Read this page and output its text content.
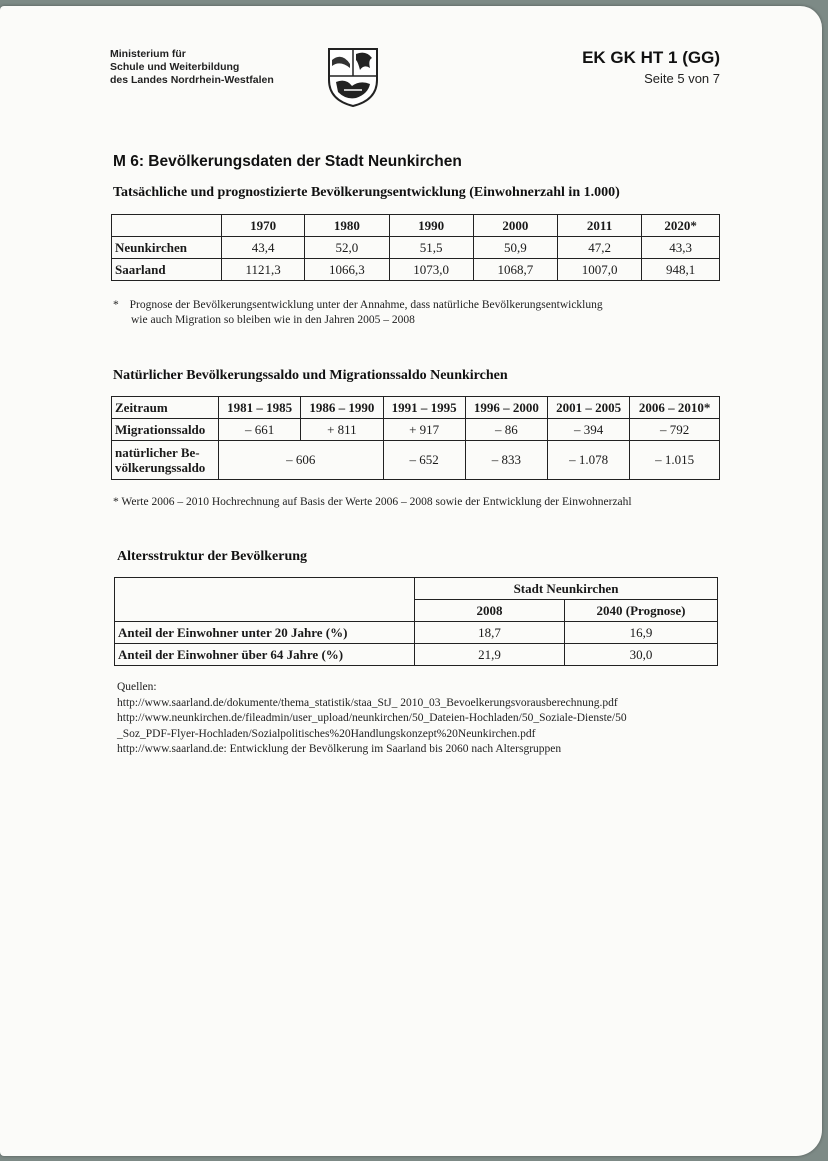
Ministerium für
Schule und Weiterbildung
des Landes Nordrhein-Westfalen
EK GK HT 1 (GG)
Seite 5 von 7
M 6: Bevölkerungsdaten der Stadt Neunkirchen
Tatsächliche und prognostizierte Bevölkerungsentwicklung (Einwohnerzahl in 1.000)
	1970	1980	1990	2000	2011	2020*
Neunkirchen	43,4	52,0	51,5	50,9	47,2	43,3
Saarland	1121,3	1066,3	1073,0	1068,7	1007,0	948,1
* Prognose der Bevölkerungsentwicklung unter der Annahme, dass natürliche Bevölkerungsentwicklung
wie auch Migration so bleiben wie in den Jahren 2005 – 2008
Natürlicher Bevölkerungssaldo und Migrationssaldo Neunkirchen
Zeitraum	1981 – 1985	1986 – 1990	1991 – 1995	1996 – 2000	2001 – 2005	2006 – 2010*
Migrationssaldo	– 661	+ 811	+ 917	– 86	– 394	– 792
natürlicher Be-
völkerungssaldo	– 606		– 652	– 833	– 1.078	– 1.015
* Werte 2006 – 2010 Hochrechnung auf Basis der Werte 2006 – 2008 sowie der Entwicklung der Einwohnerzahl
Altersstruktur der Bevölkerung
	Stadt Neunkirchen	
	2008	2040 (Prognose)
Anteil der Einwohner unter 20 Jahre (%)	18,7	16,9
Anteil der Einwohner über 64 Jahre (%)	21,9	30,0
Quellen:
http://www.saarland.de/dokumente/thema_statistik/staa_StJ_ 2010_03_Bevoelkerungsvorausberechnung.pdf
http://www.neunkirchen.de/fileadmin/user_upload/neunkirchen/50_Dateien-Hochladen/50_Soziale-Dienste/50
_Soz_PDF-Flyer-Hochladen/Sozialpolitisches%20Handlungskonzept%20Neunkirchen.pdf
http://www.saarland.de: Entwicklung der Bevölkerung im Saarland bis 2060 nach Altersgruppen
